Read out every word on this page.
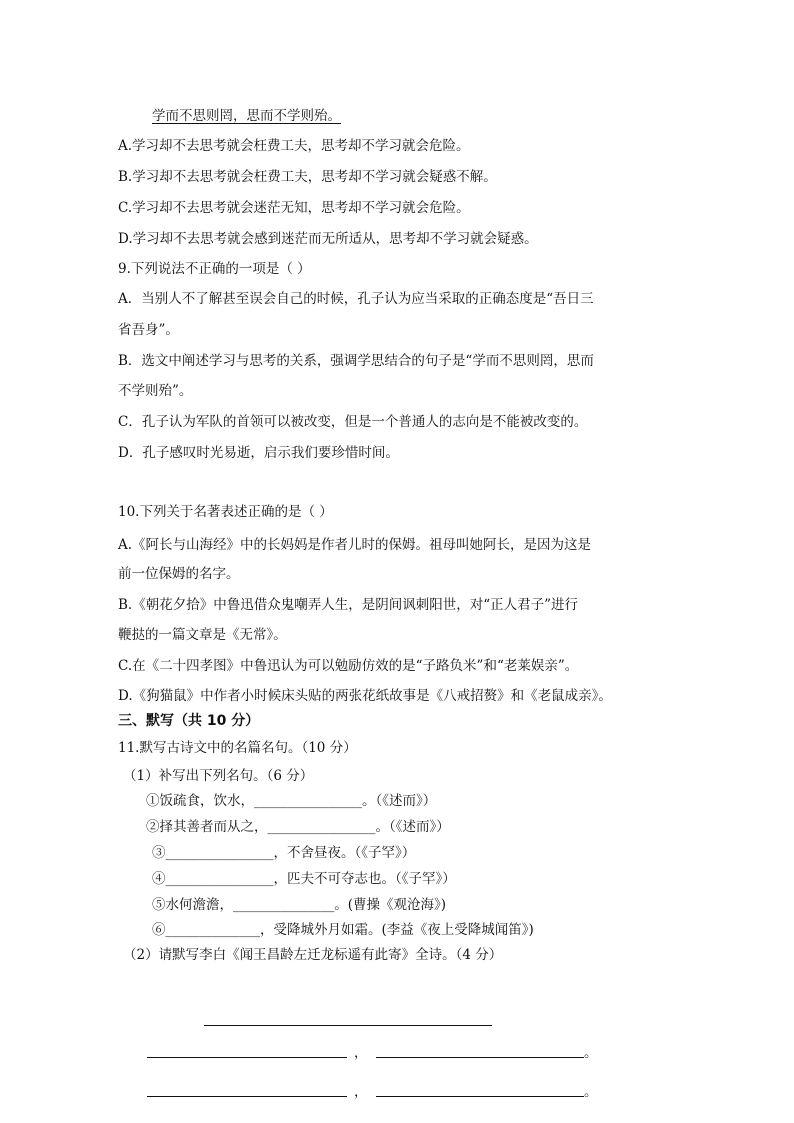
学而不思则罔，思而不学则殆。
A.学习却不去思考就会枉费工夫，思考却不学习就会危险。
B.学习却不去思考就会枉费工夫，思考却不学习就会疑惑不解。
C.学习却不去思考就会迷茫无知，思考却不学习就会危险。
D.学习却不去思考就会感到迷茫而无所适从，思考却不学习就会疑惑。
9.下列说法不正确的一项是（ ）
A．当别人不了解甚至误会自己的时候，孔子认为应当采取的正确态度是“吾日三
省吾身”。
B．选文中阐述学习与思考的关系，强调学思结合的句子是“学而不思则罔，思而
不学则殆”。
C．孔子认为军队的首领可以被改变，但是一个普通人的志向是不能被改变的。
D．孔子感叹时光易逝，启示我们要珍惜时间。
10.下列关于名著表述正确的是（ ）
A.《阿长与山海经》中的长妈妈是作者儿时的保姆。祖母叫她阿长，是因为这是
前一位保姆的名字。
B.《朝花夕拾》中鲁迅借众鬼嘲弄人生，是阴间讽刺阳世，对“正人君子”进行
鞭挞的一篇文章是《无常》。
C.在《二十四孝图》中鲁迅认为可以勉励仿效的是“子路负米”和“老莱娱亲”。
D.《狗猫鼠》中作者小时候床头贴的两张花纸故事是《八戒招赘》和《老鼠成亲》。
三、默写（共 10 分）
11.默写古诗文中的名篇名句。（10 分）
（1）补写出下列名句。（6 分）
①饭疏食，饮水，________________。（《述而》）
②择其善者而从之，________________。（《述而》）
③________________，不舍昼夜。（《子罕》）
④________________，匹夫不可夺志也。（《子罕》）
⑤水何澹澹，_______________。(曹操《观沧海》)
⑥______________，受降城外月如霜。(李益《夜上受降城闻笛》)
（2）请默写李白《闻王昌龄左迁龙标遥有此寄》全诗。（4 分）
，	。
，	。
